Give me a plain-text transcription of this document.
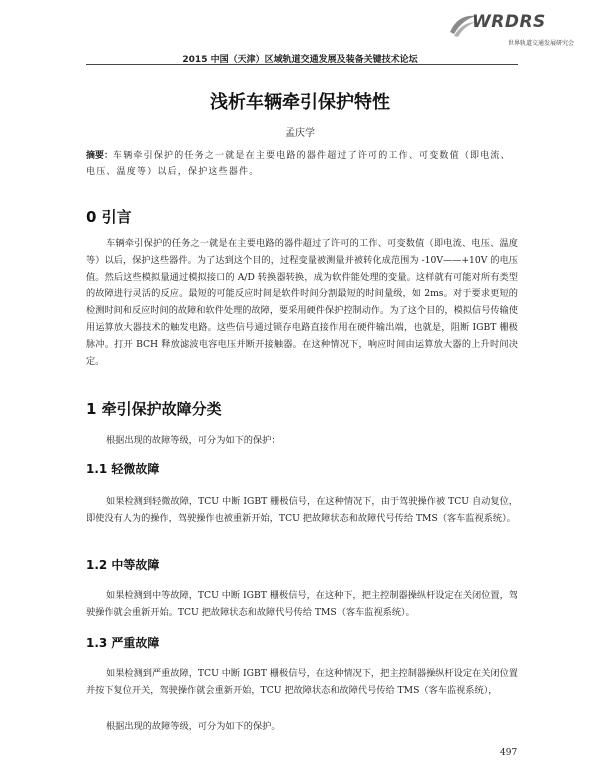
WRDRS
世界轨道交通发展研究会
2015 中国（天津）区域轨道交通发展及装备关键技术论坛
浅析车辆牵引保护特性
孟庆学
摘要：车辆牵引保护的任务之一就是在主要电路的器件超过了许可的工作、可变数值（即电流、电压、温度等）以后，保护这些器件。
0 引言
车辆牵引保护的任务之一就是在主要电路的器件超过了许可的工作、可变数值（即电流、电压、温度等）以后，保护这些器件。为了达到这个目的，过程变量被测量并被转化成范围为 -10V——+10V 的电压值。然后这些模拟量通过模拟接口的 A/D 转换器转换，成为软件能处理的变量。这样就有可能对所有类型的故障进行灵活的反应。最短的可能反应时间是软件时间分割最短的时间量级，如 2ms。对于要求更短的检测时间和反应时间的故障和软件处理的故障，要采用硬件保护控制动作。为了这个目的，模拟信号传输使用运算放大器技术的触发电路。这些信号通过锁存电路直接作用在硬件输出端，也就是，阻断 IGBT 栅极脉冲。打开 BCH 释放滤波电容电压并断开接触器。在这种情况下，响应时间由运算放大器的上升时间决定。
1 牵引保护故障分类
根据出现的故障等级，可分为如下的保护：
1.1 轻微故障
如果检测到轻微故障，TCU 中断 IGBT 栅极信号，在这种情况下，由于驾驶操作被 TCU 自动复位，即使没有人为的操作，驾驶操作也被重新开始，TCU 把故障状态和故障代号传给 TMS（客车监视系统）。
1.2 中等故障
如果检测到中等故障，TCU 中断 IGBT 栅极信号，在这种下，把主控制器操纵杆设定在关闭位置，驾驶操作就会重新开始。TCU 把故障状态和故障代号传给 TMS（客车监视系统）。
1.3 严重故障
如果检测到严重故障，TCU 中断 IGBT 栅极信号，在这种情况下，把主控制器操纵杆设定在关闭位置并按下复位开关，驾驶操作就会重新开始，TCU 把故障状态和故障代号传给 TMS（客车监视系统），
根据出现的故障等级，可分为如下的保护。
497
